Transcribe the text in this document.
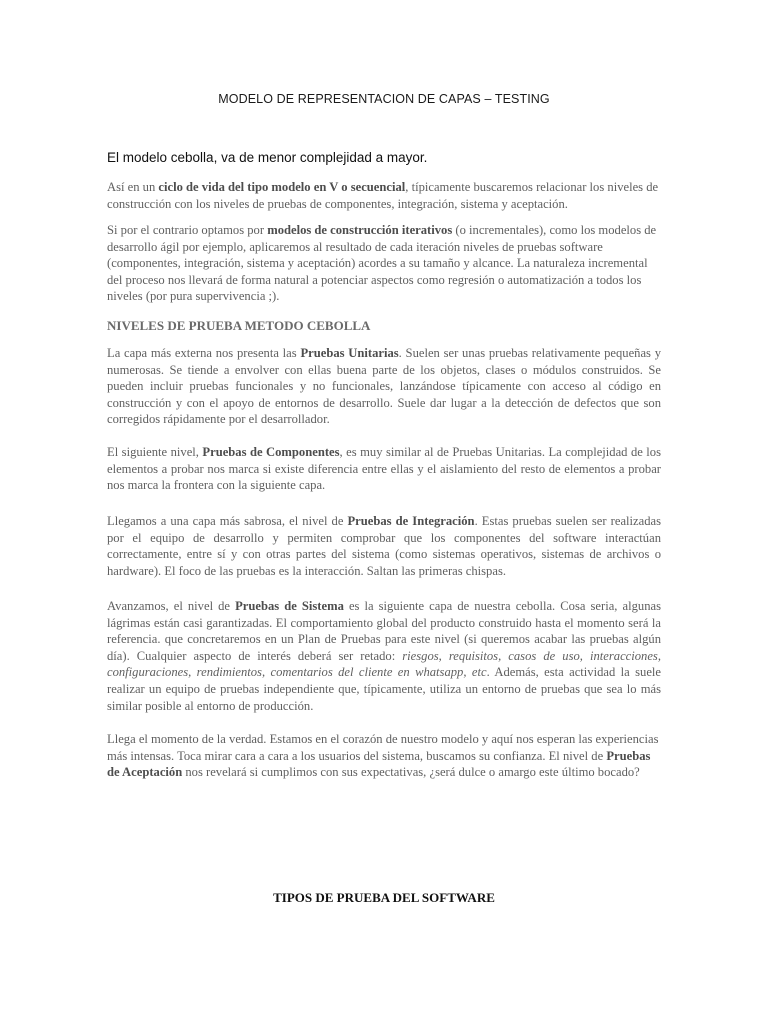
MODELO DE REPRESENTACION DE CAPAS – TESTING
El modelo cebolla, va de menor complejidad a mayor.

Así en un ciclo de vida del tipo modelo en V o secuencial, típicamente buscaremos relacionar los niveles de construcción con los niveles de pruebas de componentes, integración, sistema y aceptación.

Si por el contrario optamos por modelos de construcción iterativos (o incrementales), como los modelos de desarrollo ágil por ejemplo, aplicaremos al resultado de cada iteración niveles de pruebas software (componentes, integración, sistema y aceptación) acordes a su tamaño y alcance. La naturaleza incremental del proceso nos llevará de forma natural a potenciar aspectos como regresión o automatización a todos los niveles (por pura supervivencia ;).

NIVELES DE PRUEBA METODO CEBOLLA

La capa más externa nos presenta las Pruebas Unitarias. Suelen ser unas pruebas relativamente pequeñas y numerosas. Se tiende a envolver con ellas buena parte de los objetos, clases o módulos construidos. Se pueden incluir pruebas funcionales y no funcionales, lanzándose típicamente con acceso al código en construcción y con el apoyo de entornos de desarrollo. Suele dar lugar a la detección de defectos que son corregidos rápidamente por el desarrollador.

El siguiente nivel, Pruebas de Componentes, es muy similar al de Pruebas Unitarias. La complejidad de los elementos a probar nos marca si existe diferencia entre ellas y el aislamiento del resto de elementos a probar nos marca la frontera con la siguiente capa.

Llegamos a una capa más sabrosa, el nivel de Pruebas de Integración. Estas pruebas suelen ser realizadas por el equipo de desarrollo y permiten comprobar que los componentes del software interactúan correctamente, entre sí y con otras partes del sistema (como sistemas operativos, sistemas de archivos o hardware). El foco de las pruebas es la interacción. Saltan las primeras chispas.

Avanzamos, el nivel de Pruebas de Sistema es la siguiente capa de nuestra cebolla. Cosa seria, algunas lágrimas están casi garantizadas. El comportamiento global del producto construido hasta el momento será la referencia. que concretaremos en un Plan de Pruebas para este nivel (si queremos acabar las pruebas algún día). Cualquier aspecto de interés deberá ser retado: riesgos, requisitos, casos de uso, interacciones, configuraciones, rendimientos, comentarios del cliente en whatsapp, etc. Además, esta actividad la suele realizar un equipo de pruebas independiente que, típicamente, utiliza un entorno de pruebas que sea lo más similar posible al entorno de producción.

Llega el momento de la verdad. Estamos en el corazón de nuestro modelo y aquí nos esperan las experiencias más intensas. Toca mirar cara a cara a los usuarios del sistema, buscamos su confianza. El nivel de Pruebas de Aceptación nos revelará si cumplimos con sus expectativas, ¿será dulce o amargo este último bocado?

TIPOS DE PRUEBA DEL SOFTWARE
